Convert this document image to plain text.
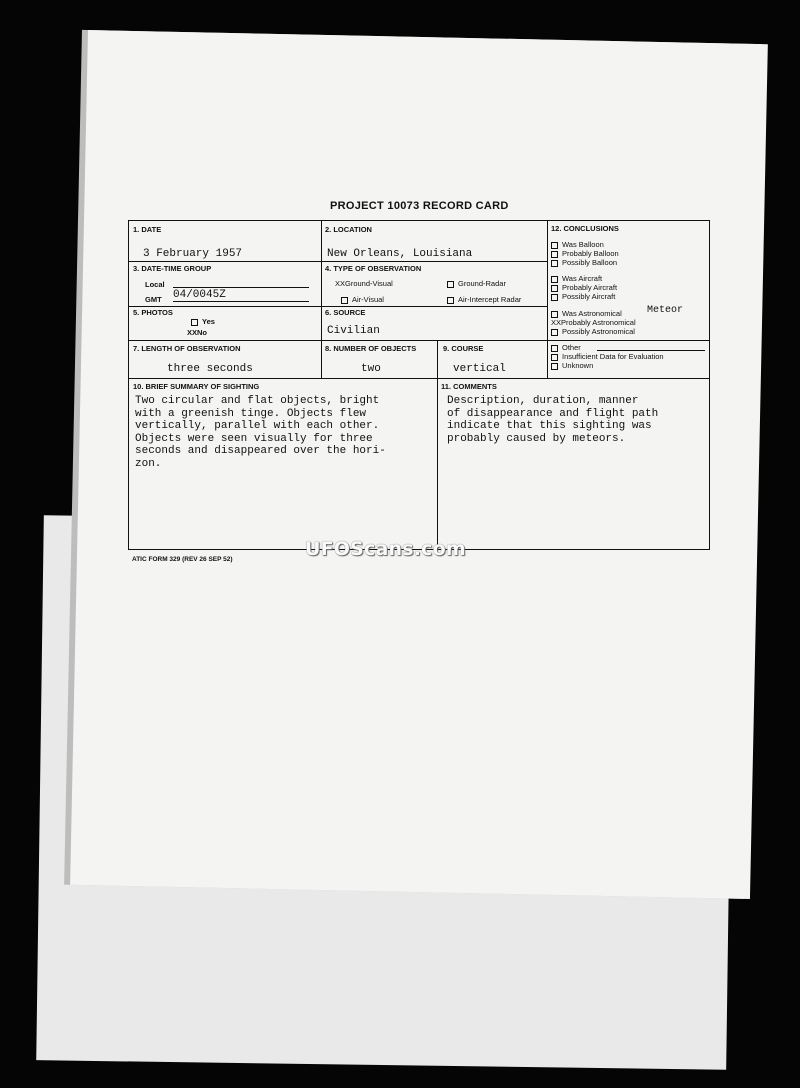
PROJECT 10073 RECORD CARD
1. DATE
3 February 1957
2. LOCATION
New Orleans, Louisiana
3. DATE-TIME GROUP
Local
GMT 04/0045Z
4. TYPE OF OBSERVATION
XXGround-Visual	Ground-Radar
Air-Visual	Air-Intercept Radar
5. PHOTOS
Yes
XXNo
6. SOURCE
Civilian
7. LENGTH OF OBSERVATION
three seconds
8. NUMBER OF OBJECTS
two
9. COURSE
vertical
10. BRIEF SUMMARY OF SIGHTING
Two circular and flat objects, bright
with a greenish tinge. Objects flew
vertically, parallel with each other.
Objects were seen visually for three
seconds and disappeared over the hori-
zon.
11. COMMENTS
Description, duration, manner
of disappearance and flight path
indicate that this sighting was
probably caused by meteors.
12. CONCLUSIONS
Was Balloon
Probably Balloon
Possibly Balloon
Was Aircraft
Probably Aircraft
Possibly Aircraft
Was Astronomical	Meteor
XXProbably Astronomical
Possibly Astronomical
Other
Insufficient Data for Evaluation
Unknown
ATIC FORM 329 (REV 26 SEP 52)	UFOScans.com
